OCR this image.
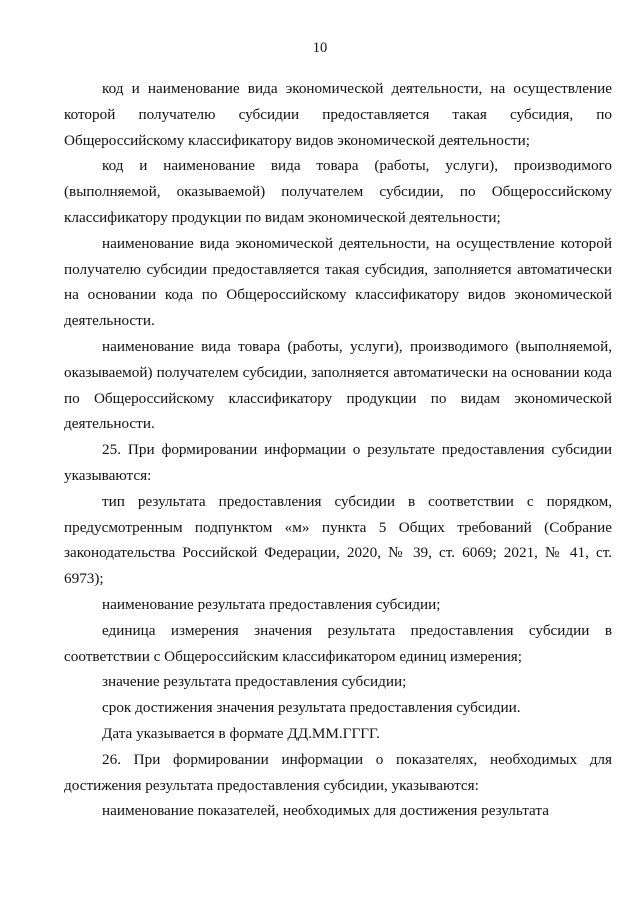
10

код и наименование вида экономической деятельности, на осуществление которой получателю субсидии предоставляется такая субсидия, по Общероссийскому классификатору видов экономической деятельности;

код и наименование вида товара (работы, услуги), производимого (выполняемой, оказываемой) получателем субсидии, по Общероссийскому классификатору продукции по видам экономической деятельности;

наименование вида экономической деятельности, на осуществление которой получателю субсидии предоставляется такая субсидия, заполняется автоматически на основании кода по Общероссийскому классификатору видов экономической деятельности.

наименование вида товара (работы, услуги), производимого (выполняемой, оказываемой) получателем субсидии, заполняется автоматически на основании кода по Общероссийскому классификатору продукции по видам экономической деятельности.

25. При формировании информации о результате предоставления субсидии указываются:

тип результата предоставления субсидии в соответствии с порядком, предусмотренным подпунктом «м» пункта 5 Общих требований (Собрание законодательства Российской Федерации, 2020, № 39, ст. 6069; 2021, № 41, ст. 6973);

наименование результата предоставления субсидии;

единица измерения значения результата предоставления субсидии в соответствии с Общероссийским классификатором единиц измерения;

значение результата предоставления субсидии;

срок достижения значения результата предоставления субсидии.

Дата указывается в формате ДД.ММ.ГГГГ.

26. При формировании информации о показателях, необходимых для достижения результата предоставления субсидии, указываются:

наименование показателей, необходимых для достижения результата
